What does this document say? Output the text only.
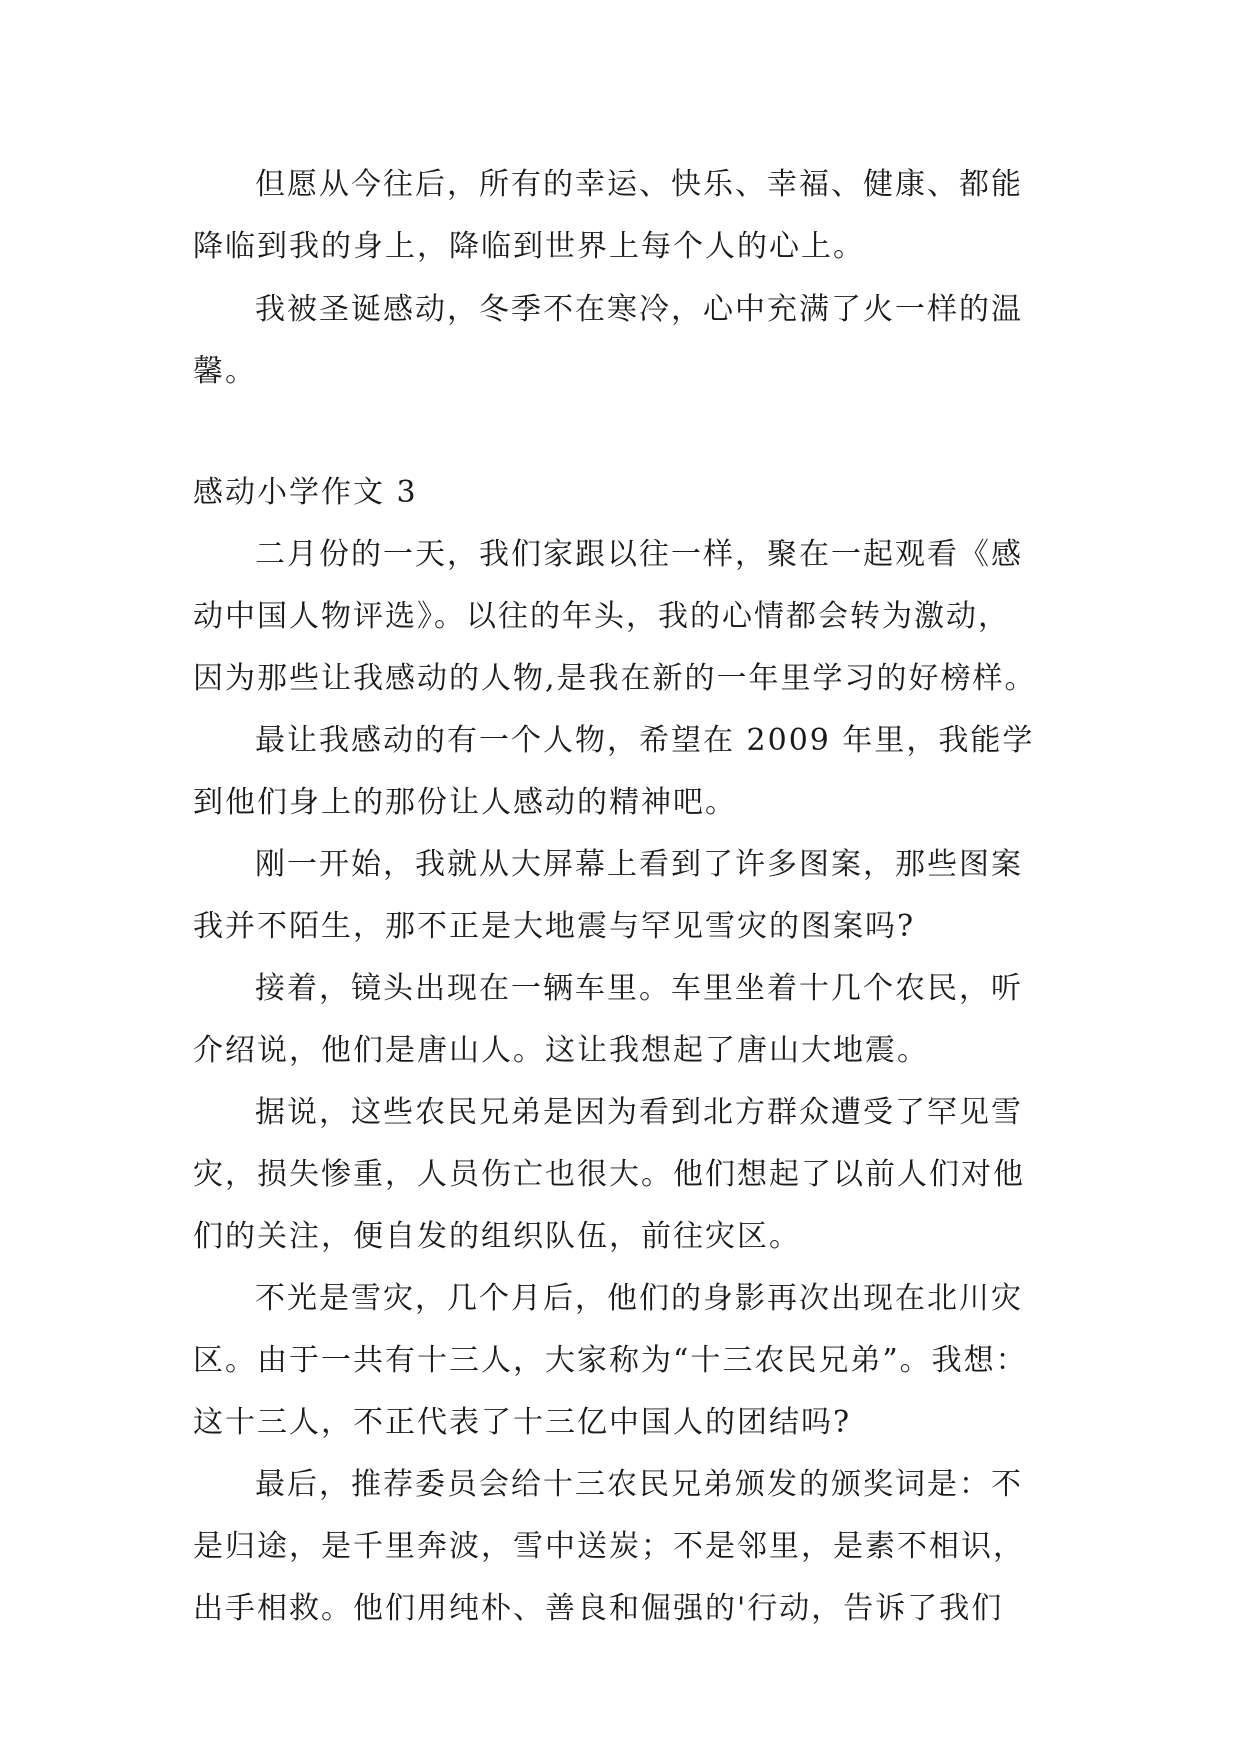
但愿从今往后，所有的幸运、快乐、幸福、健康、都能
降临到我的身上，降临到世界上每个人的心上。
我被圣诞感动，冬季不在寒冷，心中充满了火一样的温
馨。
感动小学作文 3
二月份的一天，我们家跟以往一样，聚在一起观看《感
动中国人物评选》。以往的年头，我的心情都会转为激动，
因为那些让我感动的人物,是我在新的一年里学习的好榜样。
最让我感动的有一个人物，希望在 2009 年里，我能学
到他们身上的那份让人感动的精神吧。
刚一开始，我就从大屏幕上看到了许多图案，那些图案
我并不陌生，那不正是大地震与罕见雪灾的图案吗?
接着，镜头出现在一辆车里。车里坐着十几个农民，听
介绍说，他们是唐山人。这让我想起了唐山大地震。
据说，这些农民兄弟是因为看到北方群众遭受了罕见雪
灾，损失惨重，人员伤亡也很大。他们想起了以前人们对他
们的关注，便自发的组织队伍，前往灾区。
不光是雪灾，几个月后，他们的身影再次出现在北川灾
区。由于一共有十三人，大家称为“十三农民兄弟”。我想：
这十三人，不正代表了十三亿中国人的团结吗?
最后，推荐委员会给十三农民兄弟颁发的颁奖词是：不
是归途，是千里奔波，雪中送炭；不是邻里，是素不相识，
出手相救。他们用纯朴、善良和倔强的'行动，告诉了我们
